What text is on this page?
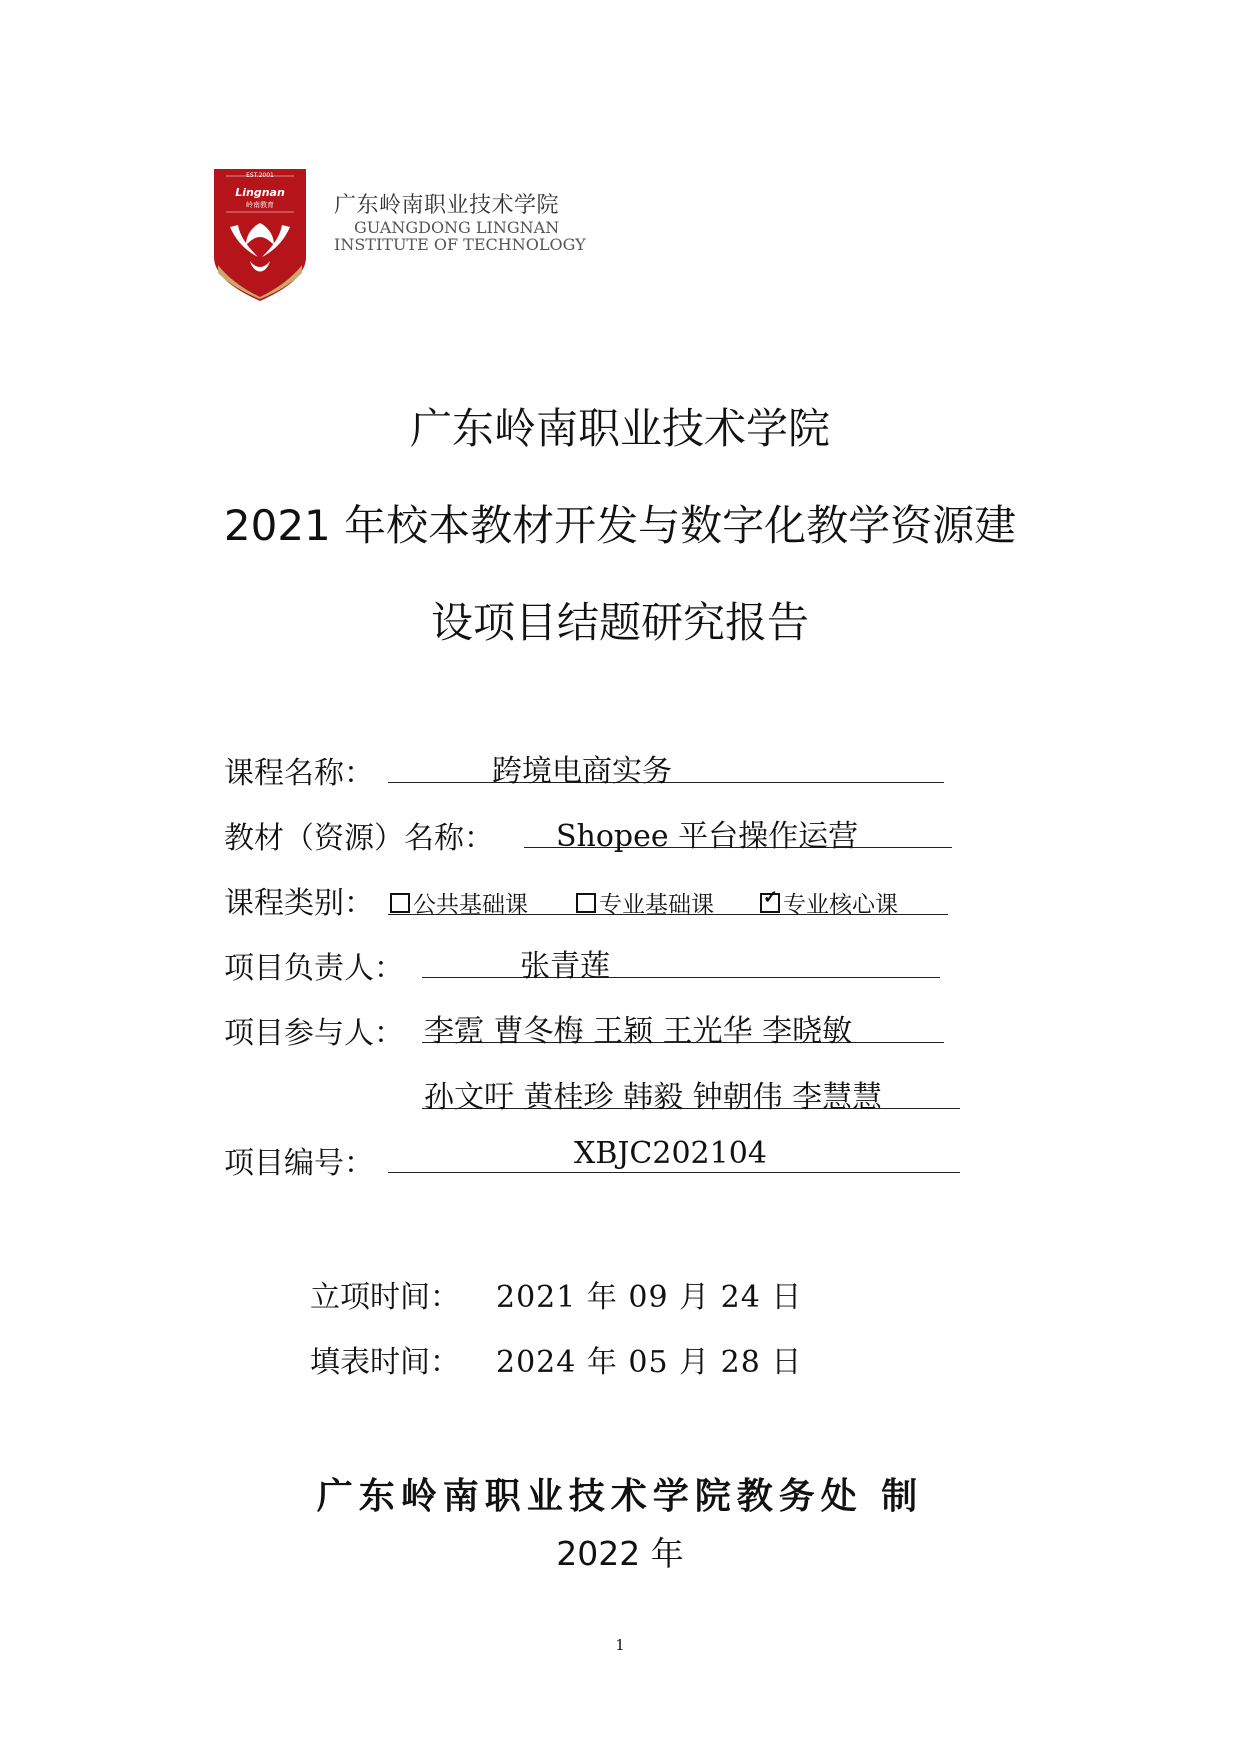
EST.2001
Lingnan
岭南教育	广东岭南职业技术学院
GUANGDONG LINGNAN
INSTITUTE OF TECHNOLOGY
广东岭南职业技术学院
2021 年校本教材开发与数字化教学资源建
设项目结题研究报告
课程名称：	跨境电商实务
教材（资源）名称： Shopee 平台操作运营
课程类别：	公共基础课	专业基础课	✓ 专业核心课
项目负责人：	张青莲
项目参与人： 李霓 曹冬梅 王颖 王光华 李晓敏
孙文吁 黄桂珍 韩毅 钟朝伟 李慧慧
项目编号：	XBJC202104
立项时间： 2021 年 09 月 24 日
填表时间： 2024 年 05 月 28 日
广东岭南职业技术学院教务处 制
2022 年
1
